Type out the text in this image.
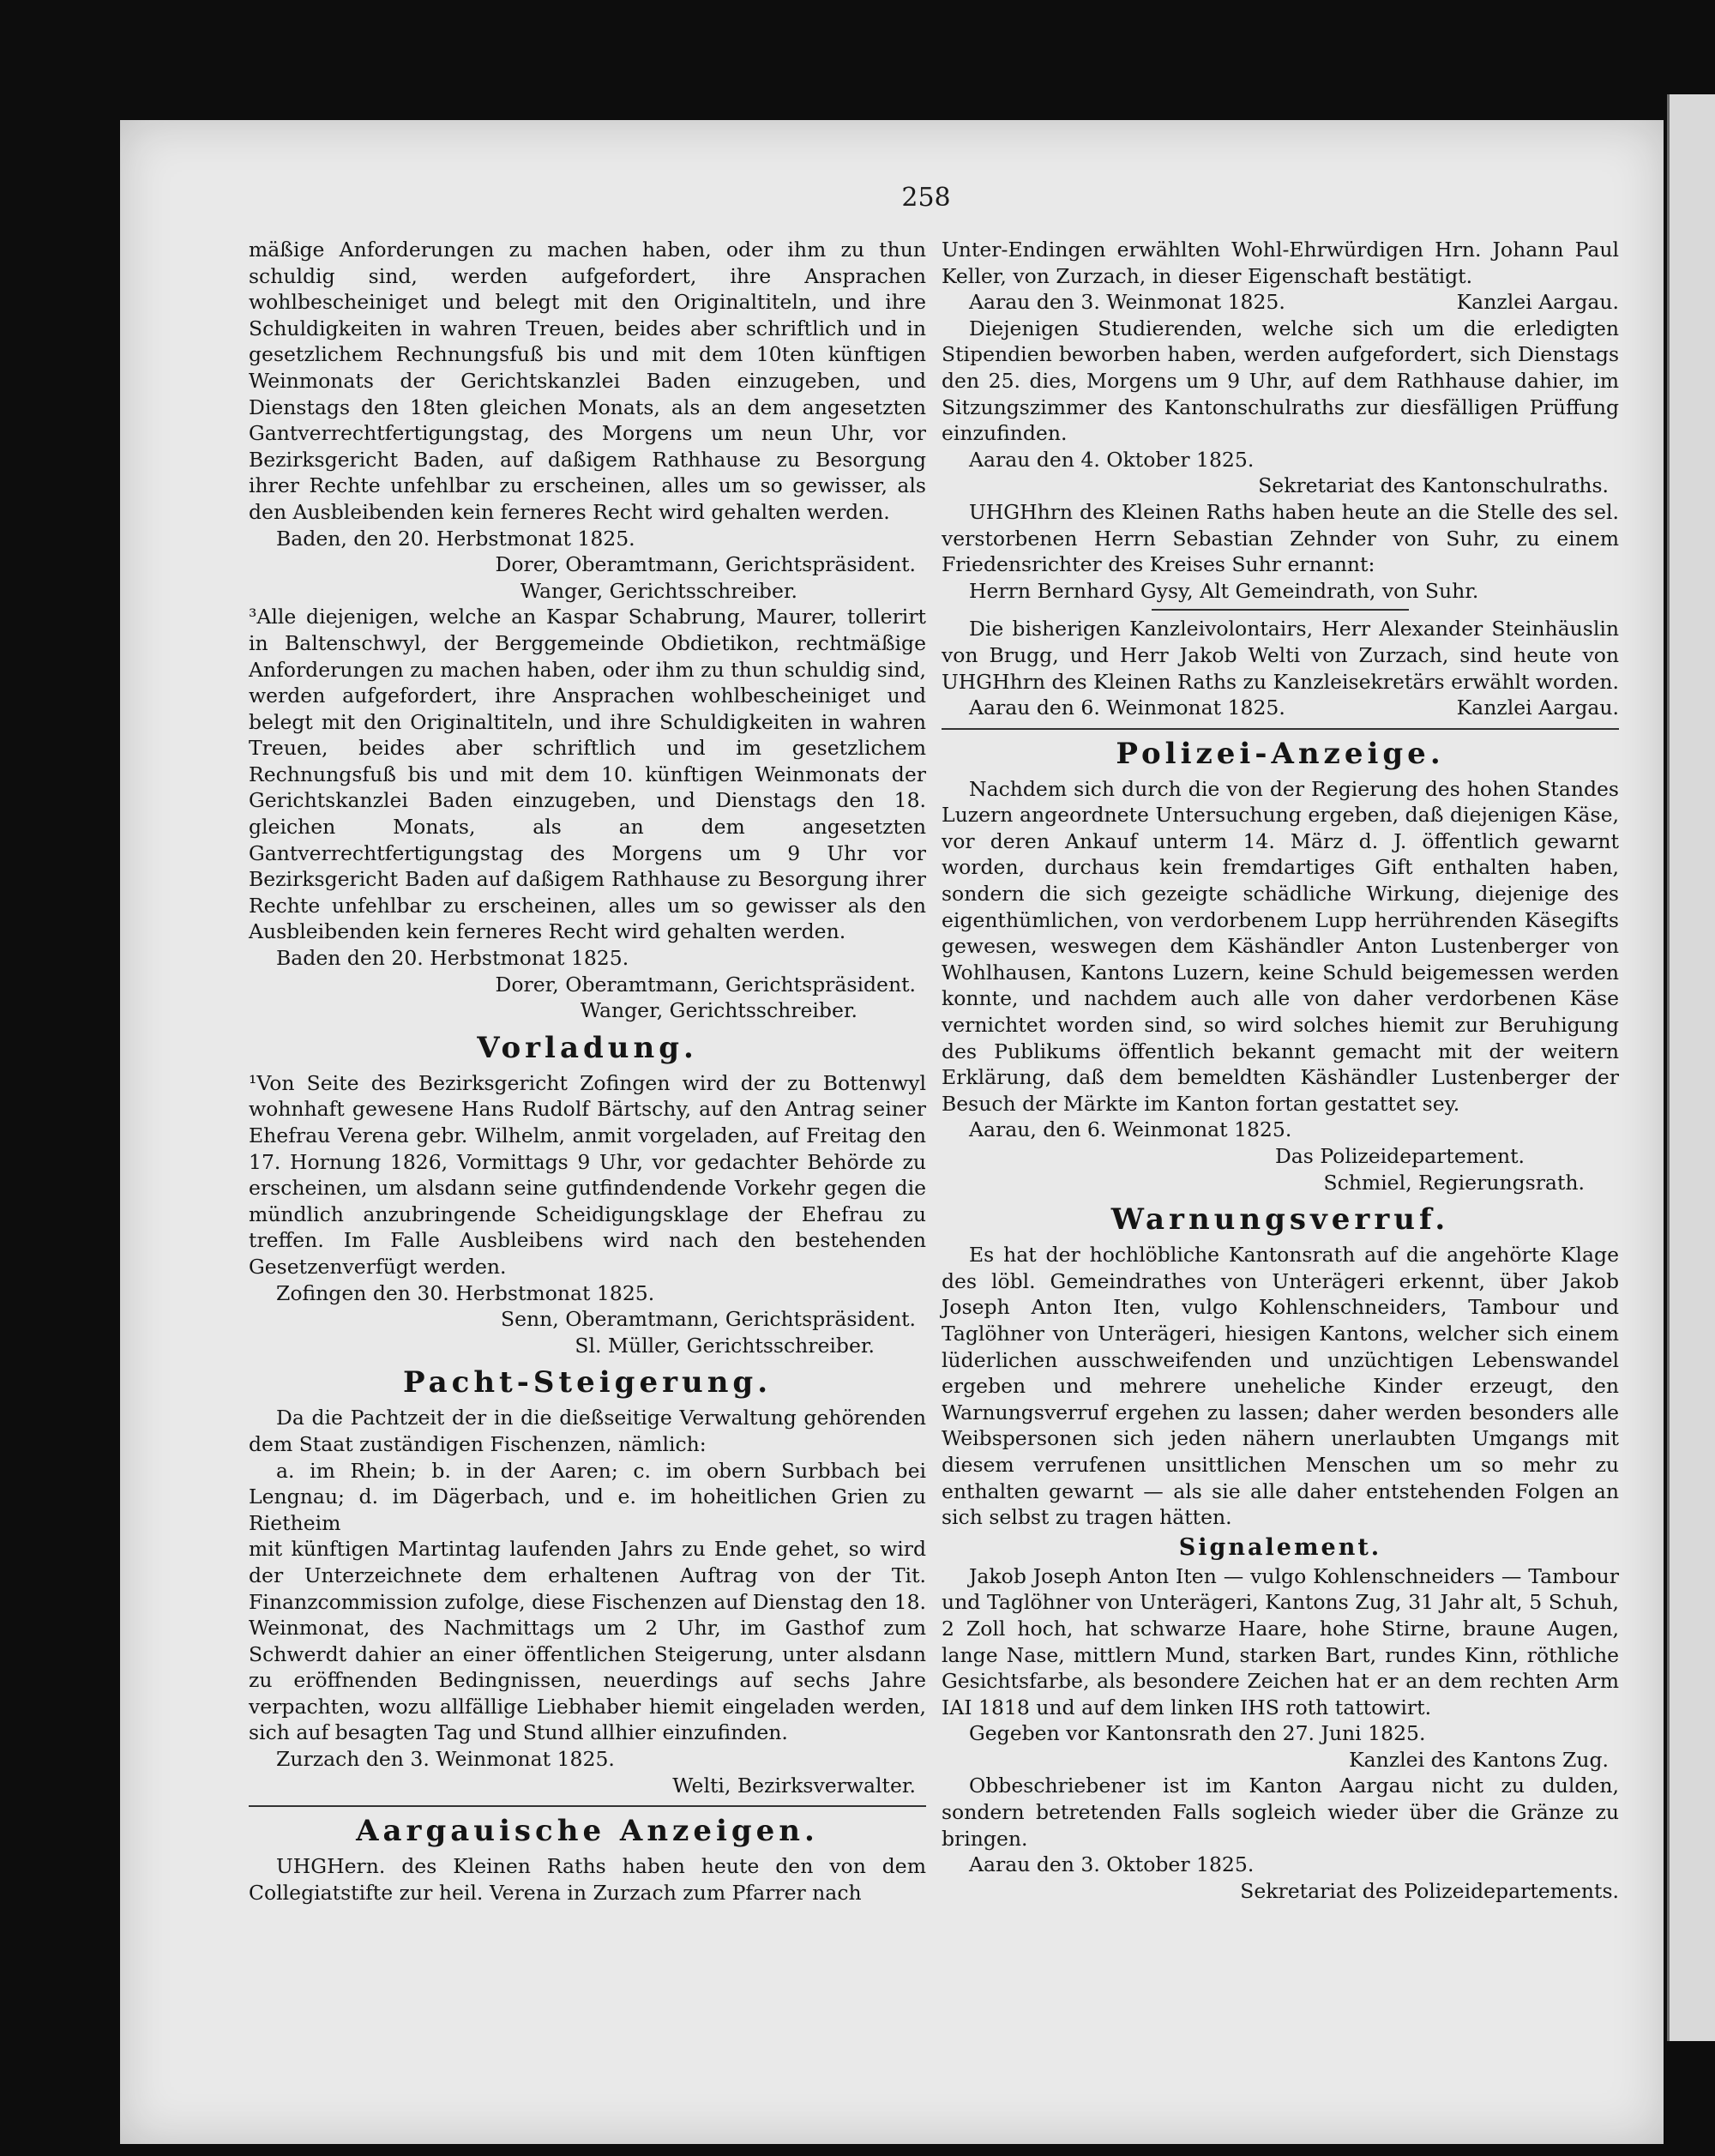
258

mäßige Anforderungen zu machen haben, oder ihm zu thun schuldig sind, werden aufgefordert, ihre Ansprachen wohlbescheiniget und belegt mit den Originaltiteln, und ihre Schuldigkeiten in wahren Treuen, beides aber schriftlich und in gesetzlichem Rechnungsfuß bis und mit dem 10ten künftigen Weinmonats der Gerichtskanzlei Baden einzugeben, und Dienstags den 18ten gleichen Monats, als an dem angesetzten Gantverrechtfertigungstag, des Morgens um neun Uhr, vor Bezirksgericht Baden, auf daßigem Rathhause zu Besorgung ihrer Rechte unfehlbar zu erscheinen, alles um so gewisser, als den Ausbleibenden kein ferneres Recht wird gehalten werden.

Baden, den 20. Herbstmonat 1825.

Dorer, Oberamtmann, Gerichtspräsident.

Wanger, Gerichtsschreiber.

³Alle diejenigen, welche an Kaspar Schabrung, Maurer, tollerirt in Baltenschwyl, der Berggemeinde Obdietikon, rechtmäßige Anforderungen zu machen haben, oder ihm zu thun schuldig sind, werden aufgefordert, ihre Ansprachen wohlbescheiniget und belegt mit den Originaltiteln, und ihre Schuldigkeiten in wahren Treuen, beides aber schriftlich und im gesetzlichem Rechnungsfuß bis und mit dem 10. künftigen Weinmonats der Gerichtskanzlei Baden einzugeben, und Dienstags den 18. gleichen Monats, als an dem angesetzten Gantverrechtfertigungstag des Morgens um 9 Uhr vor Bezirksgericht Baden auf daßigem Rathhause zu Besorgung ihrer Rechte unfehlbar zu erscheinen, alles um so gewisser als den Ausbleibenden kein ferneres Recht wird gehalten werden.

Baden den 20. Herbstmonat 1825.

Dorer, Oberamtmann, Gerichtspräsident.

Wanger, Gerichtsschreiber.

Vorladung.

¹Von Seite des Bezirksgericht Zofingen wird der zu Bottenwyl wohnhaft gewesene Hans Rudolf Bärtschy, auf den Antrag seiner Ehefrau Verena gebr. Wilhelm, anmit vorgeladen, auf Freitag den 17. Hornung 1826, Vormittags 9 Uhr, vor gedachter Behörde zu erscheinen, um alsdann seine gutfindendende Vorkehr gegen die mündlich anzubringende Scheidigungsklage der Ehefrau zu treffen. Im Falle Ausbleibens wird nach den bestehenden Gesetzenverfügt werden.

Zofingen den 30. Herbstmonat 1825.

Senn, Oberamtmann, Gerichtspräsident.

Sl. Müller, Gerichtsschreiber.

Pacht-Steigerung.

Da die Pachtzeit der in die dießseitige Verwaltung gehörenden dem Staat zuständigen Fischenzen, nämlich:

a. im Rhein; b. in der Aaren; c. im obern Surbbach bei Lengnau; d. im Dägerbach, und e. im hoheitlichen Grien zu Rietheim

mit künftigen Martintag laufenden Jahrs zu Ende gehet, so wird der Unterzeichnete dem erhaltenen Auftrag von der Tit. Finanzcommission zufolge, diese Fischenzen auf Dienstag den 18. Weinmonat, des Nachmittags um 2 Uhr, im Gasthof zum Schwerdt dahier an einer öffentlichen Steigerung, unter alsdann zu eröffnenden Bedingnissen, neuerdings auf sechs Jahre verpachten, wozu allfällige Liebhaber hiemit eingeladen werden, sich auf besagten Tag und Stund allhier einzufinden.

Zurzach den 3. Weinmonat 1825.

Welti, Bezirksverwalter.

Aargauische Anzeigen.

UHGHern. des Kleinen Raths haben heute den von dem Collegiatstifte zur heil. Verena in Zurzach zum Pfarrer nach

Unter-Endingen erwählten Wohl-Ehrwürdigen Hrn. Johann Paul Keller, von Zurzach, in dieser Eigenschaft bestätigt.

Aarau den 3. Weinmonat 1825.	Kanzlei Aargau.

Diejenigen Studierenden, welche sich um die erledigten Stipendien beworben haben, werden aufgefordert, sich Dienstags den 25. dies, Morgens um 9 Uhr, auf dem Rathhause dahier, im Sitzungszimmer des Kantonschulraths zur diesfälligen Prüffung einzufinden.

Aarau den 4. Oktober 1825.

Sekretariat des Kantonschulraths.

UHGHhrn des Kleinen Raths haben heute an die Stelle des sel. verstorbenen Herrn Sebastian Zehnder von Suhr, zu einem Friedensrichter des Kreises Suhr ernannt:

Herrn Bernhard Gysy, Alt Gemeindrath, von Suhr.

Die bisherigen Kanzleivolontairs, Herr Alexander Steinhäuslin von Brugg, und Herr Jakob Welti von Zurzach, sind heute von UHGHhrn des Kleinen Raths zu Kanzleisekretärs erwählt worden.

Aarau den 6. Weinmonat 1825.	Kanzlei Aargau.
Polizei-Anzeige.

Nachdem sich durch die von der Regierung des hohen Standes Luzern angeordnete Untersuchung ergeben, daß diejenigen Käse, vor deren Ankauf unterm 14. März d. J. öffentlich gewarnt worden, durchaus kein fremdartiges Gift enthalten haben, sondern die sich gezeigte schädliche Wirkung, diejenige des eigenthümlichen, von verdorbenem Lupp herrührenden Käsegifts gewesen, weswegen dem Käshändler Anton Lustenberger von Wohlhausen, Kantons Luzern, keine Schuld beigemessen werden konnte, und nachdem auch alle von daher verdorbenen Käse vernichtet worden sind, so wird solches hiemit zur Beruhigung des Publikums öffentlich bekannt gemacht mit der weitern Erklärung, daß dem bemeldten Käshändler Lustenberger der Besuch der Märkte im Kanton fortan gestattet sey.

Aarau, den 6. Weinmonat 1825.

Das Polizeidepartement.

Schmiel, Regierungsrath.

Warnungsverruf.

Es hat der hochlöbliche Kantonsrath auf die angehörte Klage des löbl. Gemeindrathes von Unterägeri erkennt, über Jakob Joseph Anton Iten, vulgo Kohlenschneiders, Tambour und Taglöhner von Unterägeri, hiesigen Kantons, welcher sich einem lüderlichen ausschweifenden und unzüchtigen Lebenswandel ergeben und mehrere uneheliche Kinder erzeugt, den Warnungsverruf ergehen zu lassen; daher werden besonders alle Weibspersonen sich jeden nähern unerlaubten Umgangs mit diesem verrufenen unsittlichen Menschen um so mehr zu enthalten gewarnt — als sie alle daher entstehenden Folgen an sich selbst zu tragen hätten.

Signalement.

Jakob Joseph Anton Iten — vulgo Kohlenschneiders — Tambour und Taglöhner von Unterägeri, Kantons Zug, 31 Jahr alt, 5 Schuh, 2 Zoll hoch, hat schwarze Haare, hohe Stirne, braune Augen, lange Nase, mittlern Mund, starken Bart, rundes Kinn, röthliche Gesichtsfarbe, als besondere Zeichen hat er an dem rechten Arm IAI 1818 und auf dem linken IHS roth tattowirt.

Gegeben vor Kantonsrath den 27. Juni 1825.

Kanzlei des Kantons Zug.

Obbeschriebener ist im Kanton Aargau nicht zu dulden, sondern betretenden Falls sogleich wieder über die Gränze zu bringen.

Aarau den 3. Oktober 1825.

Sekretariat des Polizeidepartements.
